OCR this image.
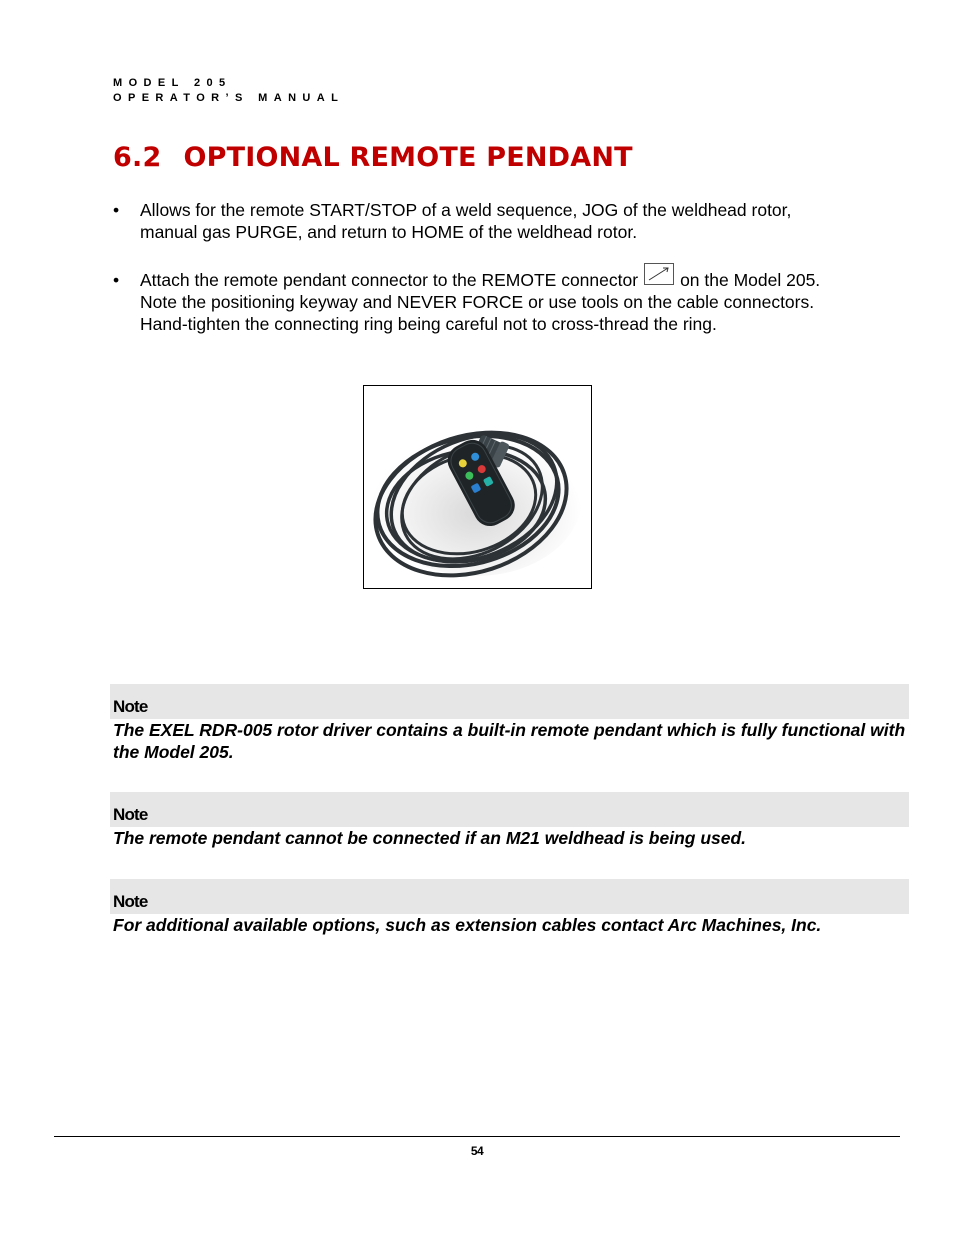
MODEL 205
OPERATOR’S MANUAL
6.2 OPTIONAL REMOTE PENDANT
• Allows for the remote START/STOP of a weld sequence, JOG of the weldhead rotor, manual gas PURGE, and return to HOME of the weldhead rotor.
• Attach the remote pendant connector to the REMOTE connector on the Model 205. Note the positioning keyway and NEVER FORCE or use tools on the cable connectors. Hand-tighten the connecting ring being careful not to cross-thread the ring.
Note
The EXEL RDR-005 rotor driver contains a built-in remote pendant which is fully functional with the Model 205.
Note
The remote pendant cannot be connected if an M21 weldhead is being used.
Note
For additional available options, such as extension cables contact Arc Machines, Inc.
54
